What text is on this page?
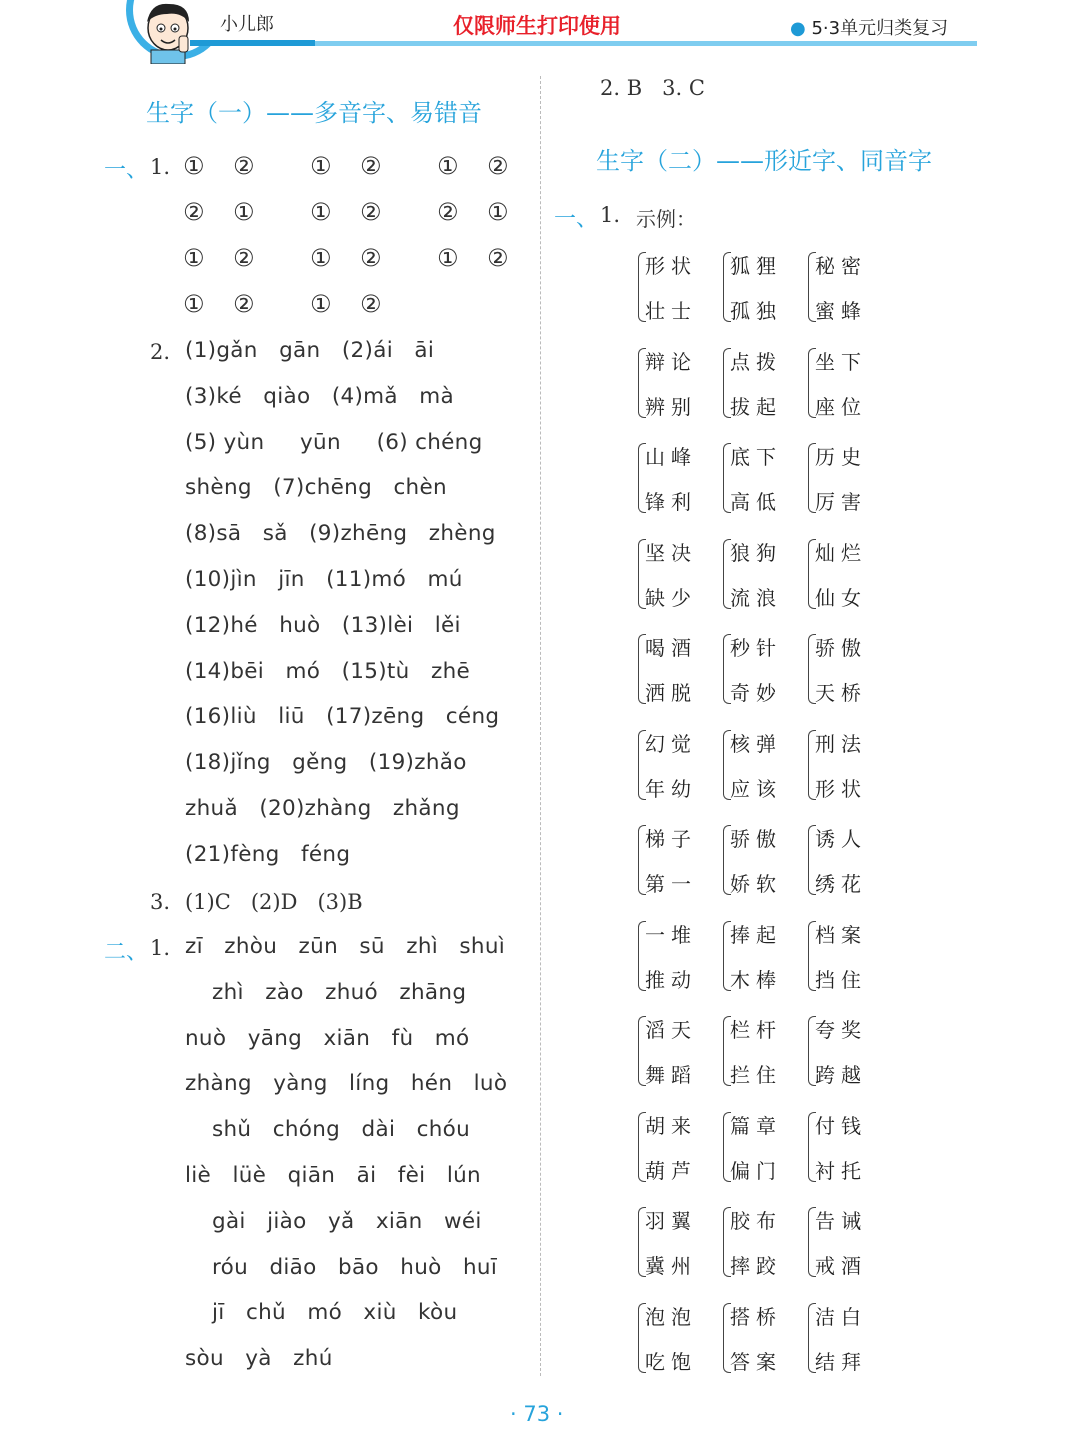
小儿郎	仅限师生打印使用	● 5·3单元归类复习
生字（一）——多音字、易错音
一、 1. ① ② ① ② ① ②
② ① ① ② ② ①
① ② ① ② ① ②
① ② ① ②
2. (1)gǎn   gān   (2)ái   āi
(3)ké   qiào   (4)mǎ   mà
(5) yùn     yūn     (6) chéng
shèng   (7)chēng   chèn
(8)sā   sǎ   (9)zhēng   zhèng
(10)jìn   jīn   (11)mó   mú
(12)hé   huò   (13)lèi   lěi
(14)bēi   mó   (15)tù   zhē
(16)liù   liū   (17)zēng   céng
(18)jǐng   gěng   (19)zhǎo
zhuǎ   (20)zhàng   zhǎng
(21)fèng   féng
3. (1)C   (2)D   (3)B
二、 1. zī   zhòu   zūn   sū   zhì   shuì
zhì   zào   zhuó   zhāng
nuò   yāng   xiān   fù   mó
zhàng   yàng   líng   hén   luò
shǔ   chóng   dài   chóu
liè   lüè   qiān   āi   fèi   lún
gài   jiào   yǎ   xiān   wéi
róu   diāo   bāo   huò   huī
jī   chǔ   mó   xiù   kòu
sòu   yà   zhú
2. B   3. C
生字（二）——形近字、同音字
一、 1. 示例：
形状
壮士
狐狸
孤独
秘密
蜜蜂
辩论
辨别
点拨
拔起
坐下
座位
山峰
锋利
底下
高低
历史
厉害
坚决
缺少
狼狗
流浪
灿烂
仙女
喝酒
洒脱
秒针
奇妙
骄傲
天桥
幻觉
年幼
核弹
应该
刑法
形状
梯子
第一
骄傲
娇软
诱人
绣花
一堆
推动
捧起
木棒
档案
挡住
滔天
舞蹈
栏杆
拦住
夸奖
跨越
胡来
葫芦
篇章
偏门
付钱
衬托
羽翼
冀州
胶布
摔跤
告诫
戒酒
泡泡
吃饱
搭桥
答案
洁白
结拜
· 73 ·
